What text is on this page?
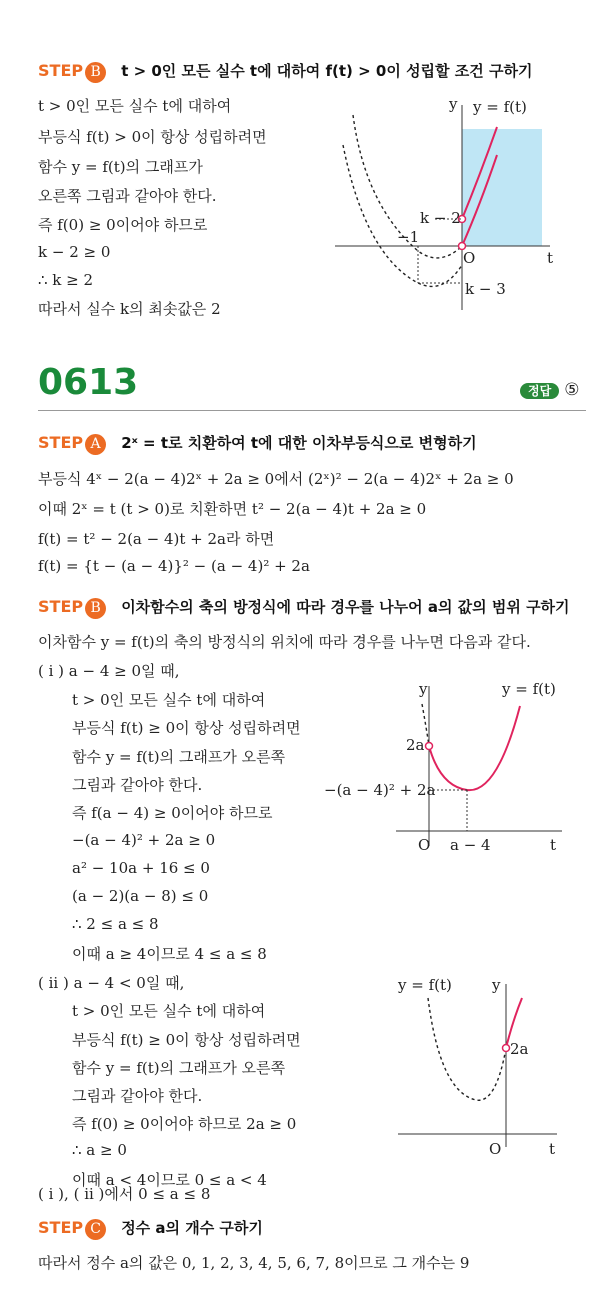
STEP B t > 0인 모든 실수 t에 대하여 f(t) > 0이 성립할 조건 구하기
t > 0인 모든 실수 t에 대하여
부등식 f(t) > 0이 항상 성립하려면
함수 y = f(t)의 그래프가
오른쪽 그림과 같아야 한다.
즉 f(0) ≥ 0이어야 하므로
k − 2 ≥ 0
∴ k ≥ 2
따라서 실수 k의 최솟값은 2
y y = f(t)
k − 2
−1
O	t
k − 3
0613	정답 ⑤
STEP A 2ˣ = t로 치환하여 t에 대한 이차부등식으로 변형하기
부등식 4ˣ − 2(a − 4)2ˣ + 2a ≥ 0에서 (2ˣ)² − 2(a − 4)2ˣ + 2a ≥ 0
이때 2ˣ = t (t > 0)로 치환하면 t² − 2(a − 4)t + 2a ≥ 0
f(t) = t² − 2(a − 4)t + 2a라 하면
f(t) = {t − (a − 4)}² − (a − 4)² + 2a
STEP B 이차함수의 축의 방정식에 따라 경우를 나누어 a의 값의 범위 구하기
이차함수 y = f(t)의 축의 방정식의 위치에 따라 경우를 나누면 다음과 같다.
( i ) a − 4 ≥ 0일 때,
t > 0인 모든 실수 t에 대하여
부등식 f(t) ≥ 0이 항상 성립하려면
함수 y = f(t)의 그래프가 오른쪽
그림과 같아야 한다.
즉 f(a − 4) ≥ 0이어야 하므로
−(a − 4)² + 2a ≥ 0
a² − 10a + 16 ≤ 0
(a − 2)(a − 8) ≤ 0
∴ 2 ≤ a ≤ 8
이때 a ≥ 4이므로 4 ≤ a ≤ 8
y	y = f(t)
2a
−(a − 4)² + 2a
O a − 4	t
( ii ) a − 4 < 0일 때,
t > 0인 모든 실수 t에 대하여
부등식 f(t) ≥ 0이 항상 성립하려면
함수 y = f(t)의 그래프가 오른쪽
그림과 같아야 한다.
즉 f(0) ≥ 0이어야 하므로 2a ≥ 0
∴ a ≥ 0
이때 a < 4이므로 0 ≤ a < 4
y = f(t)	y
2a
O	t
( i ), ( ii )에서 0 ≤ a ≤ 8
STEP C 정수 a의 개수 구하기
따라서 정수 a의 값은 0, 1, 2, 3, 4, 5, 6, 7, 8이므로 그 개수는 9
